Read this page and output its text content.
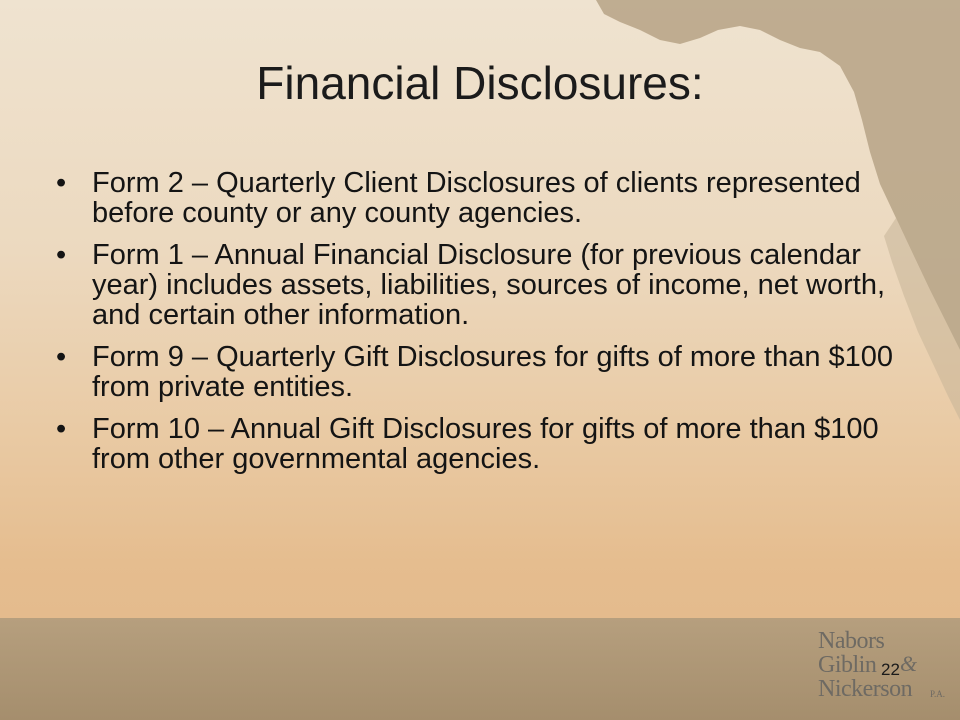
Financial Disclosures:
• Form 2 – Quarterly Client Disclosures of clients represented before county or any county agencies.
• Form 1 – Annual Financial Disclosure (for previous calendar year) includes assets, liabilities, sources of income, net worth, and certain other information.
• Form 9 – Quarterly Gift Disclosures for gifts of more than $100 from private entities.
• Form 10 – Annual Gift Disclosures for gifts of more than $100 from other governmental agencies.
Nabors
Giblin &
Nickerson P.A.
22
